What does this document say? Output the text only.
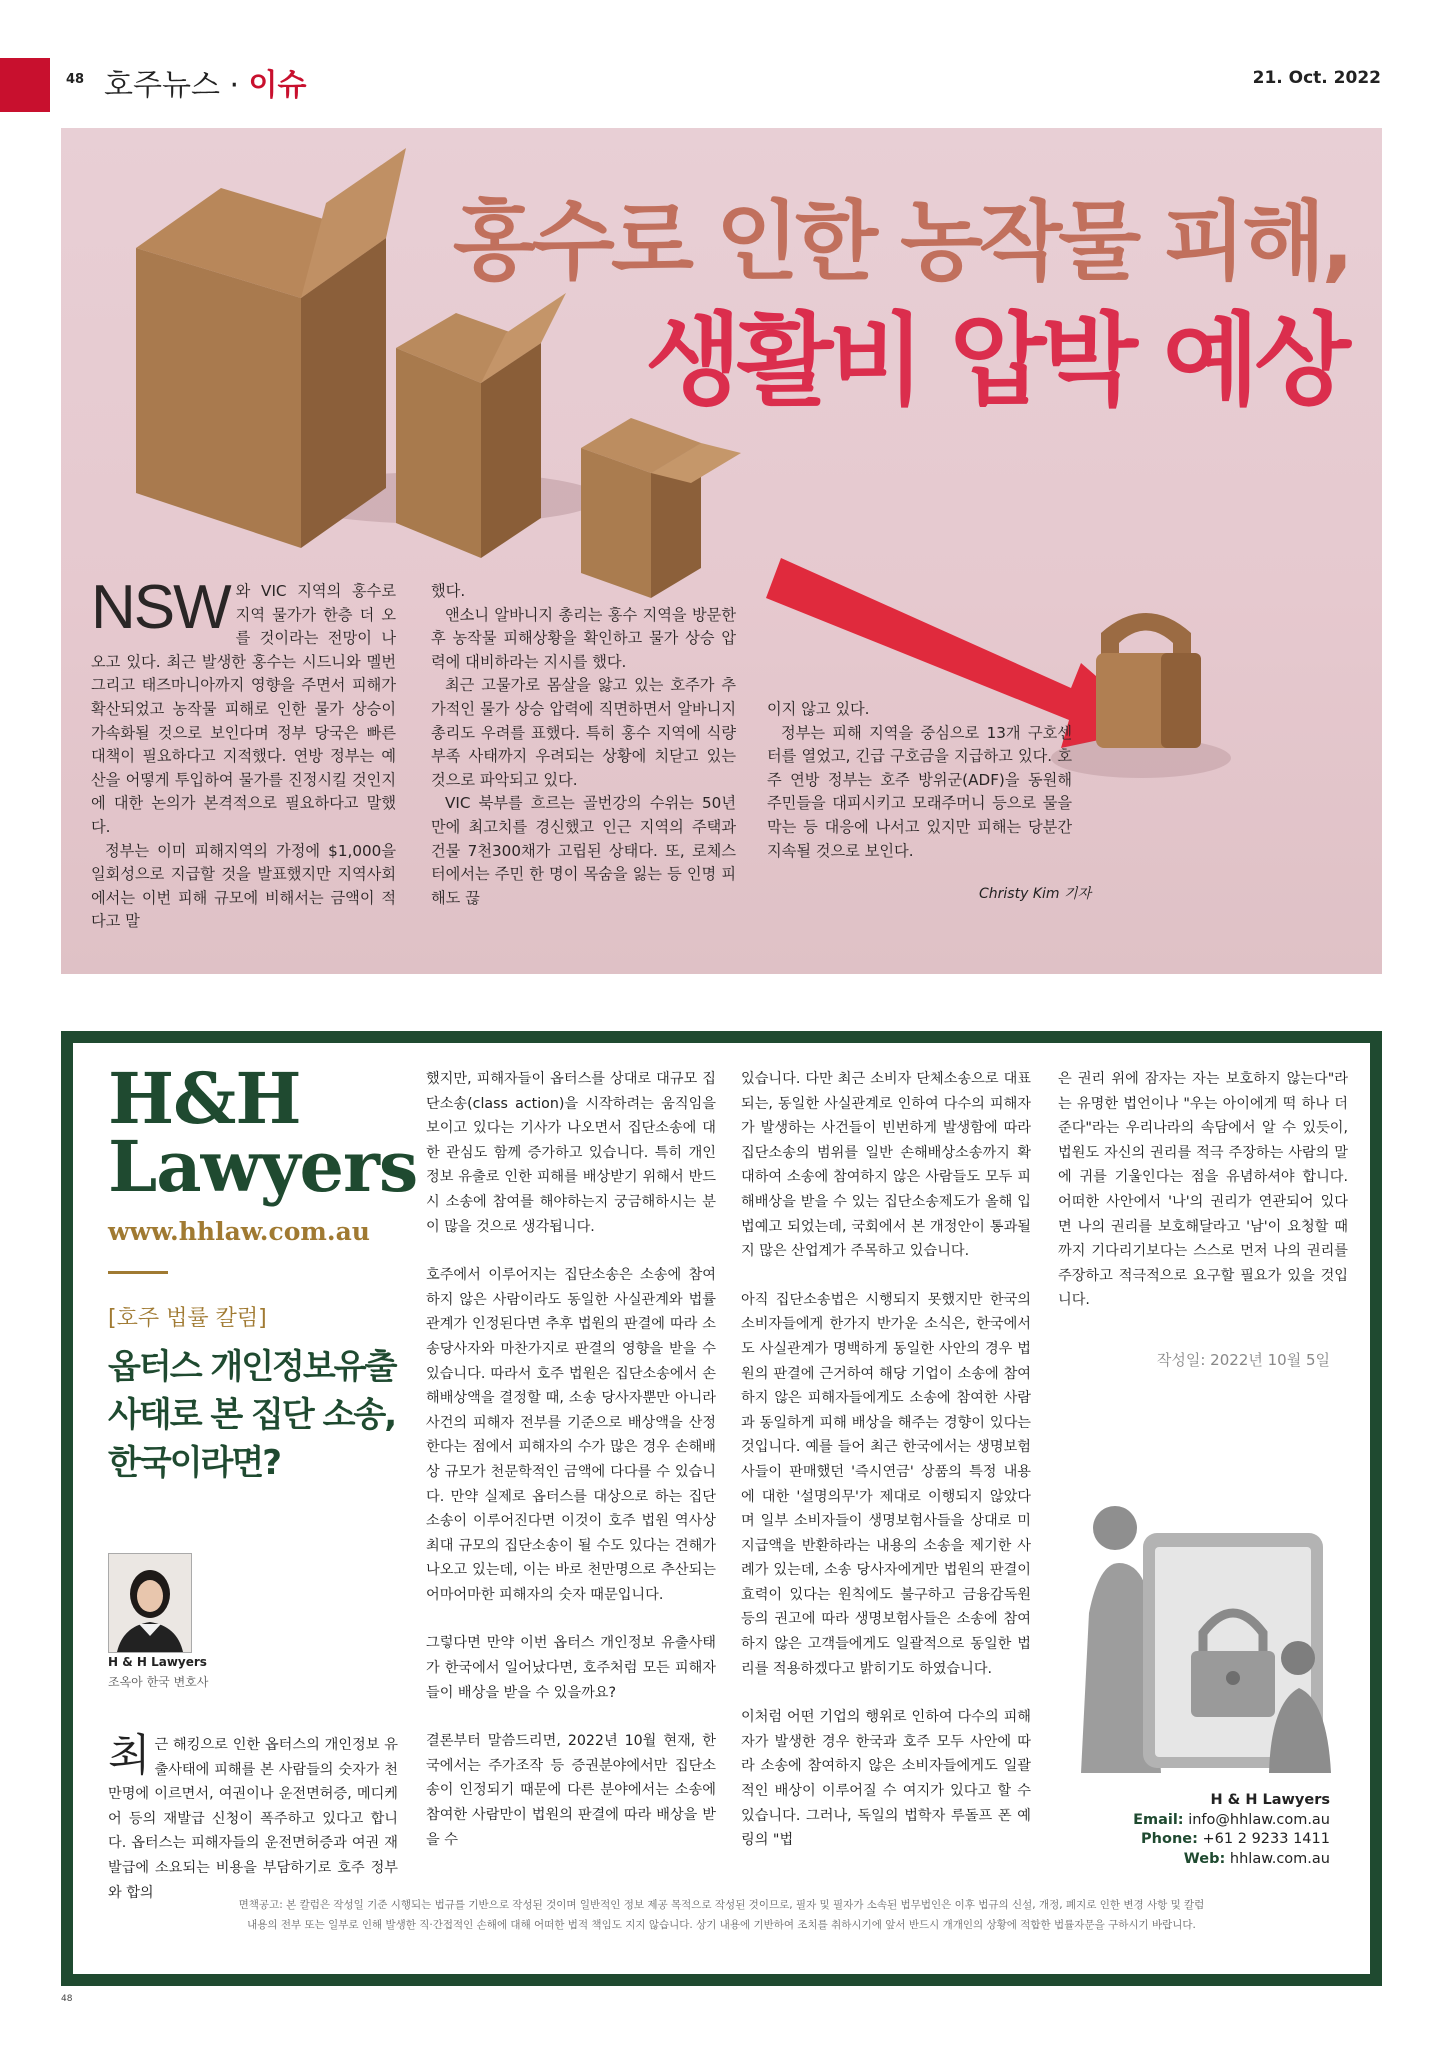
48 호주뉴스 · 이슈	21. Oct. 2022
홍수로 인한 농작물 피해,
생활비 압박 예상

NSW 와 VIC 지역의 홍수로 지역 물가가 한층 더 오를 것이라는 전망이 나오고 있다. 최근 발생한 홍수는 시드니와 멜번 그리고 태즈마니아까지 영향을 주면서 피해가 확산되었고 농작물 피해로 인한 물가 상승이 가속화될 것으로 보인다며 정부 당국은 빠른 대책이 필요하다고 지적했다. 연방 정부는 예산을 어떻게 투입하여 물가를 진정시킬 것인지에 대한 논의가 본격적으로 필요하다고 말했다.

정부는 이미 피해지역의 가정에 $1,000을 일회성으로 지급할 것을 발표했지만 지역사회에서는 이번 피해 규모에 비해서는 금액이 적다고 말

했다.

앤소니 알바니지 총리는 홍수 지역을 방문한 후 농작물 피해상황을 확인하고 물가 상승 압력에 대비하라는 지시를 했다.

최근 고물가로 몸살을 앓고 있는 호주가 추가적인 물가 상승 압력에 직면하면서 알바니지 총리도 우려를 표했다. 특히 홍수 지역에 식량 부족 사태까지 우려되는 상황에 치닫고 있는 것으로 파악되고 있다.

VIC 북부를 흐르는 골번강의 수위는 50년 만에 최고치를 경신했고 인근 지역의 주택과 건물 7천300채가 고립된 상태다. 또, 로체스터에서는 주민 한 명이 목숨을 잃는 등 인명 피해도 끊

이지 않고 있다.

정부는 피해 지역을 중심으로 13개 구호센터를 열었고, 긴급 구호금을 지급하고 있다. 호주 연방 정부는 호주 방위군(ADF)을 동원해 주민들을 대피시키고 모래주머니 등으로 물을 막는 등 대응에 나서고 있지만 피해는 당분간 지속될 것으로 보인다.

Christy Kim 기자
H&H
Lawyers
www.hhlaw.com.au
[호주 법률 칼럼]
옵터스 개인정보유출 사태로 본 집단 소송, 한국이라면?
H & H Lawyers
조옥아 한국 변호사

최근 해킹으로 인한 옵터스의 개인정보 유출사태에 피해를 본 사람들의 숫자가 천만명에 이르면서, 여권이나 운전면허증, 메디케어 등의 재발급 신청이 폭주하고 있다고 합니다. 옵터스는 피해자들의 운전면허증과 여권 재발급에 소요되는 비용을 부담하기로 호주 정부와 합의

했지만, 피해자들이 옵터스를 상대로 대규모 집단소송(class action)을 시작하려는 움직임을 보이고 있다는 기사가 나오면서 집단소송에 대한 관심도 함께 증가하고 있습니다. 특히 개인정보 유출로 인한 피해를 배상받기 위해서 반드시 소송에 참여를 해야하는지 궁금해하시는 분이 많을 것으로 생각됩니다.

호주에서 이루어지는 집단소송은 소송에 참여하지 않은 사람이라도 동일한 사실관계와 법률관계가 인정된다면 추후 법원의 판결에 따라 소송당사자와 마찬가지로 판결의 영향을 받을 수 있습니다. 따라서 호주 법원은 집단소송에서 손해배상액을 결정할 때, 소송 당사자뿐만 아니라 사건의 피해자 전부를 기준으로 배상액을 산정한다는 점에서 피해자의 수가 많은 경우 손해배상 규모가 천문학적인 금액에 다다를 수 있습니다. 만약 실제로 옵터스를 대상으로 하는 집단소송이 이루어진다면 이것이 호주 법원 역사상 최대 규모의 집단소송이 될 수도 있다는 견해가 나오고 있는데, 이는 바로 천만명으로 추산되는 어마어마한 피해자의 숫자 때문입니다.

그렇다면 만약 이번 옵터스 개인정보 유출사태가 한국에서 일어났다면, 호주처럼 모든 피해자들이 배상을 받을 수 있을까요?

결론부터 말씀드리면, 2022년 10월 현재, 한국에서는 주가조작 등 증권분야에서만 집단소송이 인정되기 때문에 다른 분야에서는 소송에 참여한 사람만이 법원의 판결에 따라 배상을 받을 수

있습니다. 다만 최근 소비자 단체소송으로 대표되는, 동일한 사실관계로 인하여 다수의 피해자가 발생하는 사건들이 빈번하게 발생함에 따라 집단소송의 범위를 일반 손해배상소송까지 확대하여 소송에 참여하지 않은 사람들도 모두 피해배상을 받을 수 있는 집단소송제도가 올해 입법예고 되었는데, 국회에서 본 개정안이 통과될지 많은 산업계가 주목하고 있습니다.

아직 집단소송법은 시행되지 못했지만 한국의 소비자들에게 한가지 반가운 소식은, 한국에서도 사실관계가 명백하게 동일한 사안의 경우 법원의 판결에 근거하여 해당 기업이 소송에 참여하지 않은 피해자들에게도 소송에 참여한 사람과 동일하게 피해 배상을 해주는 경향이 있다는 것입니다. 예를 들어 최근 한국에서는 생명보험사들이 판매했던 '즉시연금' 상품의 특정 내용에 대한 '설명의무'가 제대로 이행되지 않았다며 일부 소비자들이 생명보험사들을 상대로 미지급액을 반환하라는 내용의 소송을 제기한 사례가 있는데, 소송 당사자에게만 법원의 판결이 효력이 있다는 원칙에도 불구하고 금융감독원 등의 권고에 따라 생명보험사들은 소송에 참여하지 않은 고객들에게도 일괄적으로 동일한 법리를 적용하겠다고 밝히기도 하였습니다.

이처럼 어떤 기업의 행위로 인하여 다수의 피해자가 발생한 경우 한국과 호주 모두 사안에 따라 소송에 참여하지 않은 소비자들에게도 일괄적인 배상이 이루어질 수 여지가 있다고 할 수 있습니다. 그러나, 독일의 법학자 루돌프 폰 예링의 "법

은 권리 위에 잠자는 자는 보호하지 않는다"라는 유명한 법언이나 "우는 아이에게 떡 하나 더 준다"라는 우리나라의 속담에서 알 수 있듯이, 법원도 자신의 권리를 적극 주장하는 사람의 말에 귀를 기울인다는 점을 유념하셔야 합니다. 어떠한 사안에서 '나'의 권리가 연관되어 있다면 나의 권리를 보호해달라고 '남'이 요청할 때까지 기다리기보다는 스스로 먼저 나의 권리를 주장하고 적극적으로 요구할 필요가 있을 것입니다.

작성일: 2022년 10월 5일
H & H Lawyers
Email: info@hhlaw.com.au
Phone: +61 2 9233 1411
Web: hhlaw.com.au
면책공고: 본 칼럼은 작성일 기준 시행되는 법규를 기반으로 작성된 것이며 일반적인 정보 제공 목적으로 작성된 것이므로, 필자 및 필자가 소속된 법무법인은 이후 법규의 신설, 개정, 폐지로 인한 변경 사항 및 칼럼
내용의 전부 또는 일부로 인해 발생한 직·간접적인 손해에 대해 어떠한 법적 책임도 지지 않습니다. 상기 내용에 기반하여 조치를 취하시기에 앞서 반드시 개개인의 상황에 적합한 법률자문을 구하시기 바랍니다.
48
